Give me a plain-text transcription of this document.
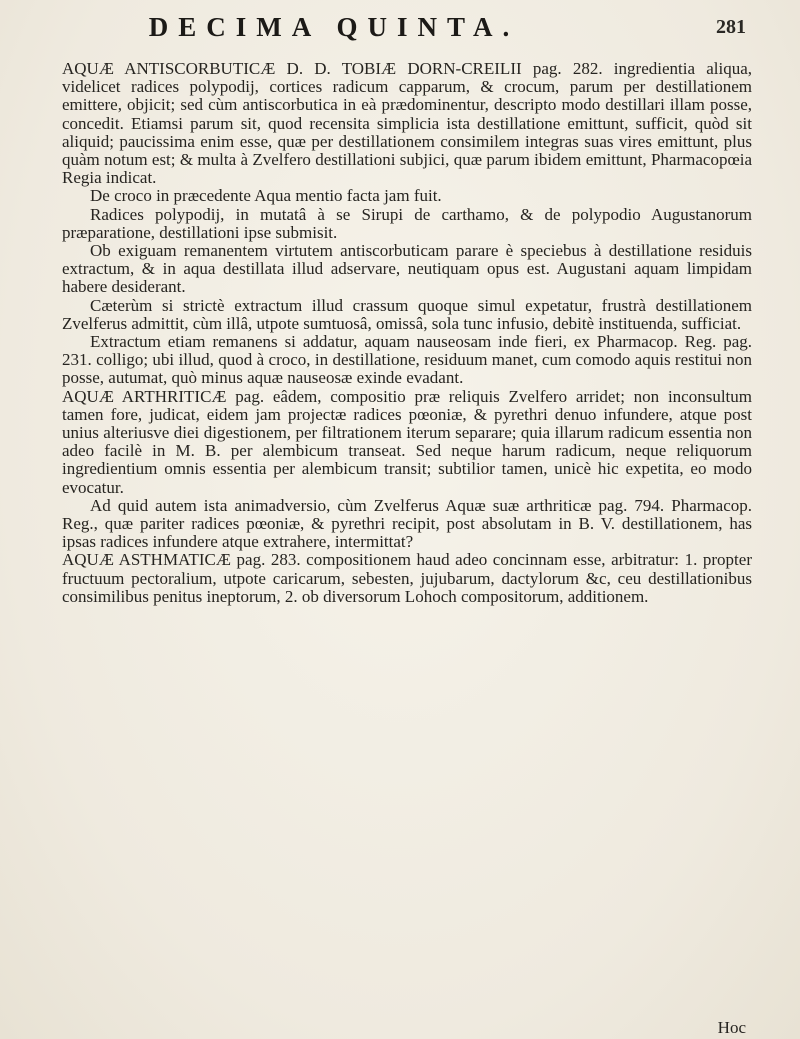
DECIMA QUINTA.	281

AQUÆ ANTISCORBUTICÆ D. D. TOBIÆ DORN-CREILII pag. 282. ingredientia aliqua, videlicet radices polypodij, cortices radicum capparum, & crocum, parum per destillationem emittere, objicit; sed cùm antiscorbutica in eà prædominentur, descripto modo destillari illam posse, concedit. Etiamsi parum sit, quod recensita simplicia ista destillatione emittunt, sufficit, quòd sit aliquid; paucissima enim esse, quæ per destillationem consimilem integras suas vires emittunt, plus quàm notum est; & multa à Zvelfero destillationi subjici, quæ parum ibidem emittunt, Pharmacopœia Regia indicat.

De croco in præcedente Aqua mentio facta jam fuit.

Radices polypodij, in mutatâ à se Sirupi de carthamo, & de polypodio Augustanorum præparatione, destillationi ipse submisit.

Ob exiguam remanentem virtutem antiscorbuticam parare è speciebus à destillatione residuis extractum, & in aqua destillata illud adservare, neutiquam opus est. Augustani aquam limpidam habere desiderant.

Cæterùm si strictè extractum illud crassum quoque simul expetatur, frustrà destillationem Zvelferus admittit, cùm illâ, utpote sumtuosâ, omissâ, sola tunc infusio, debitè instituenda, sufficiat.

Extractum etiam remanens si addatur, aquam nauseosam inde fieri, ex Pharmacop. Reg. pag. 231. colligo; ubi illud, quod à croco, in destillatione, residuum manet, cum comodo aquis restitui non posse, autumat, quò minus aquæ nauseosæ exinde evadant.

AQUÆ ARTHRITICÆ pag. eâdem, compositio præ reliquis Zvelfero arridet; non inconsultum tamen fore, judicat, eidem jam projectæ radices pœoniæ, & pyrethri denuo infundere, atque post unius alteriusve diei digestionem, per filtrationem iterum separare; quia illarum radicum essentia non adeo facilè in M. B. per alembicum transeat. Sed neque harum radicum, neque reliquorum ingredientium omnis essentia per alembicum transit; subtilior tamen, unicè hic expetita, eo modo evocatur.

Ad quid autem ista animadversio, cùm Zvelferus Aquæ suæ arthriticæ pag. 794. Pharmacop. Reg., quæ pariter radices pœoniæ, & pyrethri recipit, post absolutam in B. V. destillationem, has ipsas radices infundere atque extrahere, intermittat?

AQUÆ ASTHMATICÆ pag. 283. compositionem haud adeo concinnam esse, arbitratur: 1. propter fructuum pectoralium, utpote caricarum, sebesten, jujubarum, dactylorum &c, ceu destillationibus consimilibus penitus ineptorum, 2. ob diversorum Lohoch compositorum, additionem.

Hoc
